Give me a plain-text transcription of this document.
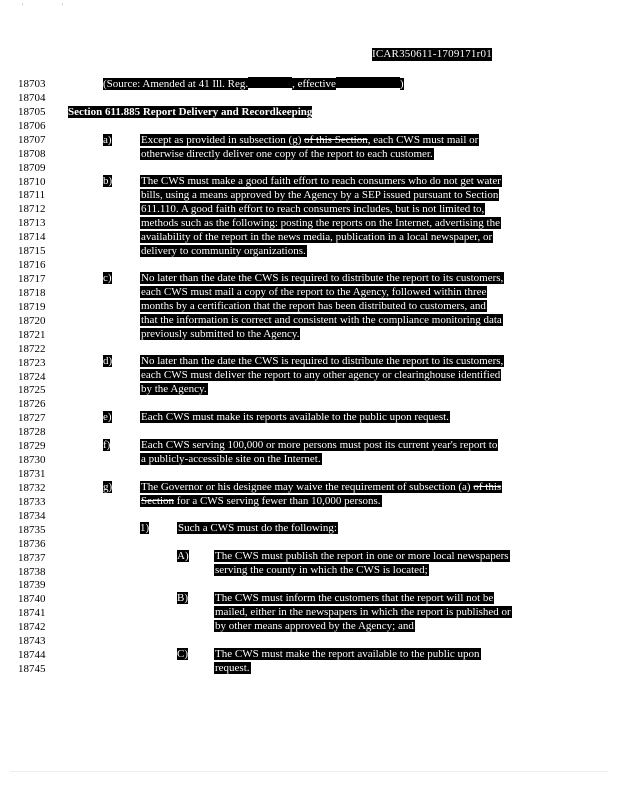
' '
ICAR350611-1709171r01
18703
18704
18705
18706
18707
18708
18709
18710
18711
18712
18713
18714
18715
18716
18717
18718
18719
18720
18721
18722
18723
18724
18725
18726
18727
18728
18729
18730
18731
18732
18733
18734
18735
18736
18737
18738
18739
18740
18741
18742
18743
18744
18745
(Source: Amended at 41 Ill. Reg.	, effective	)
Section 611.885 Report Delivery and Recordkeeping
a)	Except as provided in subsection (g) of this Section, each CWS must mail or
otherwise directly deliver one copy of the report to each customer.
b)	The CWS must make a good faith effort to reach consumers who do not get water
bills, using a means approved by the Agency by a SEP issued pursuant to Section
611.110. A good faith effort to reach consumers includes, but is not limited to,
methods such as the following: posting the reports on the Internet, advertising the
availability of the report in the news media, publication in a local newspaper, or
delivery to community organizations.
c)	No later than the date the CWS is required to distribute the report to its customers,
each CWS must mail a copy of the report to the Agency, followed within three
months by a certification that the report has been distributed to customers, and
that the information is correct and consistent with the compliance monitoring data
previously submitted to the Agency.
d)	No later than the date the CWS is required to distribute the report to its customers,
each CWS must deliver the report to any other agency or clearinghouse identified
by the Agency.
e)	Each CWS must make its reports available to the public upon request.
f)	Each CWS serving 100,000 or more persons must post its current year's report to
a publicly-accessible site on the Internet.
g)	The Governor or his designee may waive the requirement of subsection (a) of this
Section for a CWS serving fewer than 10,000 persons.
1)	Such a CWS must do the following:
A) The CWS must publish the report in one or more local newspapers
serving the county in which the CWS is located;
B) The CWS must inform the customers that the report will not be
mailed, either in the newspapers in which the report is published or
by other means approved by the Agency; and
C) The CWS must make the report available to the public upon
request.
